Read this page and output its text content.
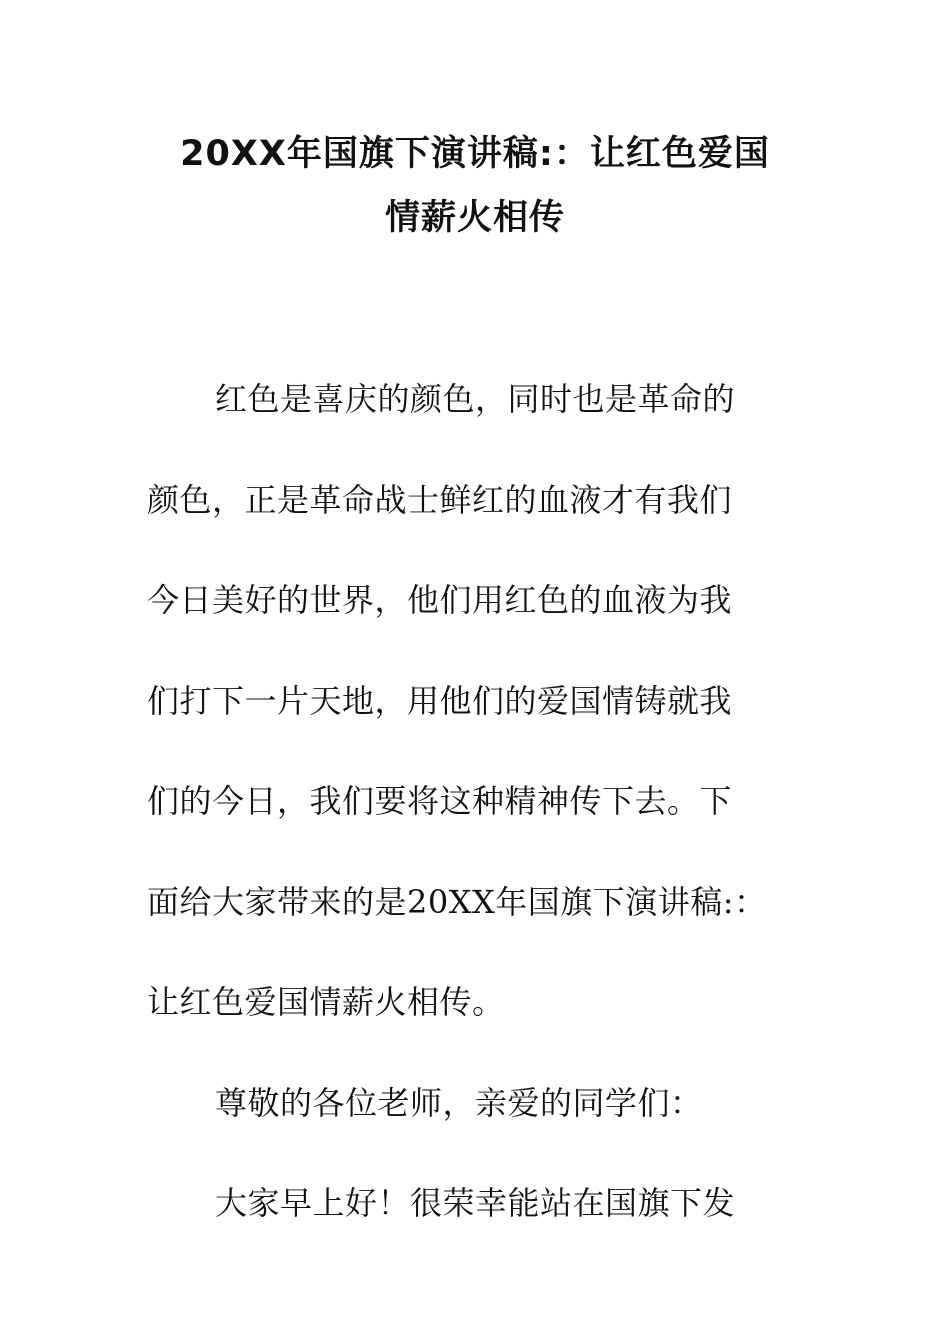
20XX年国旗下演讲稿:：让红色爱国
情薪火相传
红色是喜庆的颜色，同时也是革命的
颜色，正是革命战士鲜红的血液才有我们
今日美好的世界，他们用红色的血液为我
们打下一片天地，用他们的爱国情铸就我
们的今日，我们要将这种精神传下去。下
面给大家带来的是20XX年国旗下演讲稿:：
让红色爱国情薪火相传。
尊敬的各位老师，亲爱的同学们：
大家早上好！很荣幸能站在国旗下发
